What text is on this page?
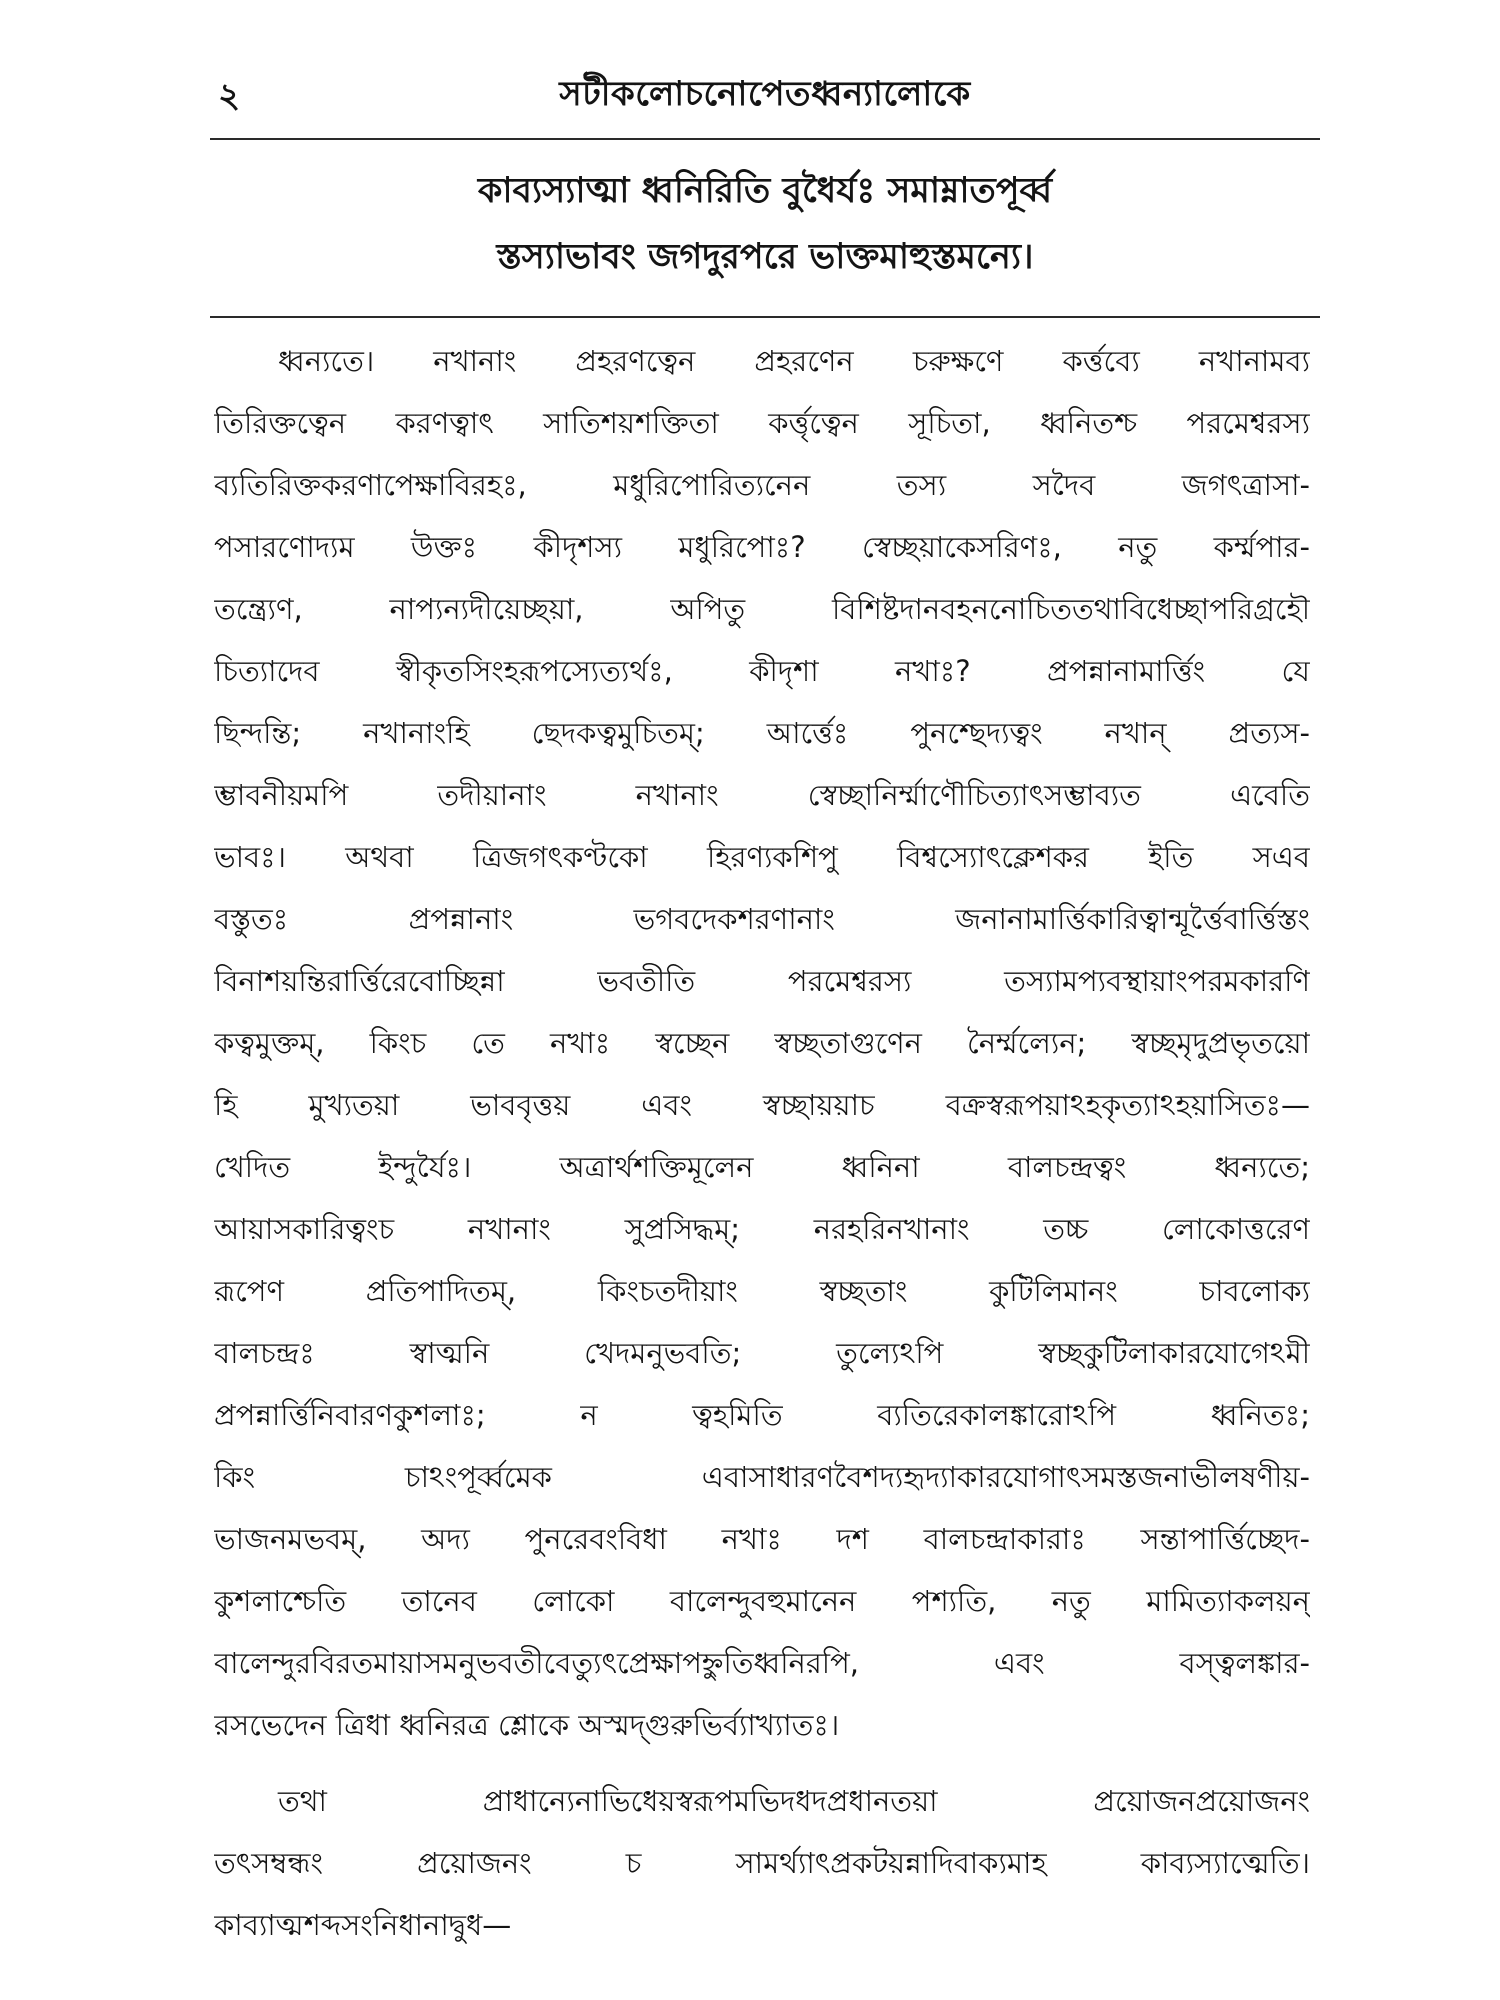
২	সটীকলোচনোপেতধ্বন্যালোকে
কাব্যস্যাত্মা ধ্বনিরিতি বুধৈর্যঃ সমাম্নাতপূর্ব্ব
স্তস্যাভাবং জগদুরপরে ভাক্তমাহুস্তমন্যে।
ধ্বন্যতে। নখানাং প্রহরণত্বেন প্রহরণেন চরুক্ষণে কর্ত্তব্যে নখানামব্য
তিরিক্তত্বেন করণত্বাৎ সাতিশয়শক্তিতা কর্ত্তৃত্বেন সূচিতা, ধ্বনিতশ্চ পরমেশ্বরস্য
ব্যতিরিক্তকরণাপেক্ষাবিরহঃ, মধুরিপোরিত্যনেন তস্য সদৈব জগৎত্রাসা-
পসারণোদ্যম উক্তঃ কীদৃশস্য মধুরিপোঃ? স্বেচ্ছয়াকেসরিণঃ, নতু কর্ম্মপার-
তন্ত্র্যেণ, নাপ্যন্যদীয়েচ্ছয়া, অপিতু বিশিষ্টদানবহননোচিততথাবিধেচ্ছাপরিগ্রহৌ
চিত্যাদেব স্বীকৃতসিংহরূপস্যেত্যর্থঃ, কীদৃশা নখাঃ? প্রপন্নানামার্ত্তিং যে
ছিন্দন্তি; নখানাংহি ছেদকত্বমুচিতম্; আর্ত্তেঃ পুনশ্ছেদ্যত্বং নখান্ প্রত্যস-
ম্ভাবনীয়মপি তদীয়ানাং নখানাং স্বেচ্ছানির্ম্মাণৌচিত্যাৎসম্ভাব্যত এবেতি
ভাবঃ। অথবা ত্রিজগৎকণ্টকো হিরণ্যকশিপু বিশ্বস্যোৎক্লেশকর ইতি সএব
বস্তুতঃ প্রপন্নানাং ভগবদেকশরণানাং জনানামার্ত্তিকারিত্বান্মূর্ত্তৈবার্ত্তিস্তং
বিনাশয়ন্তিরার্ত্তিরেবোচ্ছিন্না ভবতীতি পরমেশ্বরস্য তস্যামপ্যবস্থায়াংপরমকারণি
কত্বমুক্তম্, কিংচ তে নখাঃ স্বচ্ছেন স্বচ্ছতাগুণেন নৈর্ম্মল্যেন; স্বচ্ছমৃদুপ্রভৃতয়ো
হি মুখ্যতয়া ভাববৃত্তয় এবং স্বচ্ছায়য়াচ বক্রস্বরূপয়াঽহকৃত্যাঽহয়াসিতঃ—
খেদিত ইন্দুর্যৈঃ। অত্রার্থশক্তিমূলেন ধ্বনিনা বালচন্দ্রত্বং ধ্বন্যতে;
আয়াসকারিত্বংচ নখানাং সুপ্রসিদ্ধম্; নরহরিনখানাং তচ্চ লোকোত্তরেণ
রূপেণ প্রতিপাদিতম্, কিংচতদীয়াং স্বচ্ছতাং কুটিলিমানং চাবলোক্য
বালচন্দ্রঃ স্বাত্মনি খেদমনুভবতি; তুল্যেঽপি স্বচ্ছকুটিলাকারযোগেঽমী
প্রপন্নার্ত্তিনিবারণকুশলাঃ; ন ত্বহমিতি ব্যতিরেকালঙ্কারোঽপি ধ্বনিতঃ;
কিং চাঽংপূর্ব্বমেক এবাসাধারণবৈশদ্যহৃদ্যাকারযোগাৎসমস্তজনাভীলষণীয়-
ভাজনমভবম্, অদ্য পুনরেবংবিধা নখাঃ দশ বালচন্দ্রাকারাঃ সন্তাপার্ত্তিচ্ছেদ-
কুশলাশ্চেতি তানেব লোকো বালেন্দুবহুমানেন পশ্যতি, নতু মামিত্যাকলয়ন্
বালেন্দুরবিরতমায়াসমনুভবতীবেত্যুৎপ্রেক্ষাপহ্নুতিধ্বনিরপি, এবং বস্ত্বলঙ্কার-
রসভেদেন ত্রিধা ধ্বনিরত্র শ্লোকে অস্মদ্গুরুভির্ব্যাখ্যাতঃ।
তথা প্রাধান্যেনাভিধেয়স্বরূপমভিদধদপ্রধানতয়া প্রয়োজনপ্রয়োজনং
তৎসম্বন্ধং প্রয়োজনং চ সামর্থ্যাৎপ্রকটয়ন্নাদিবাক্যমাহ কাব্যস্যাত্মেতি।
কাব্যাত্মশব্দসংনিধানাদ্বুধ—
